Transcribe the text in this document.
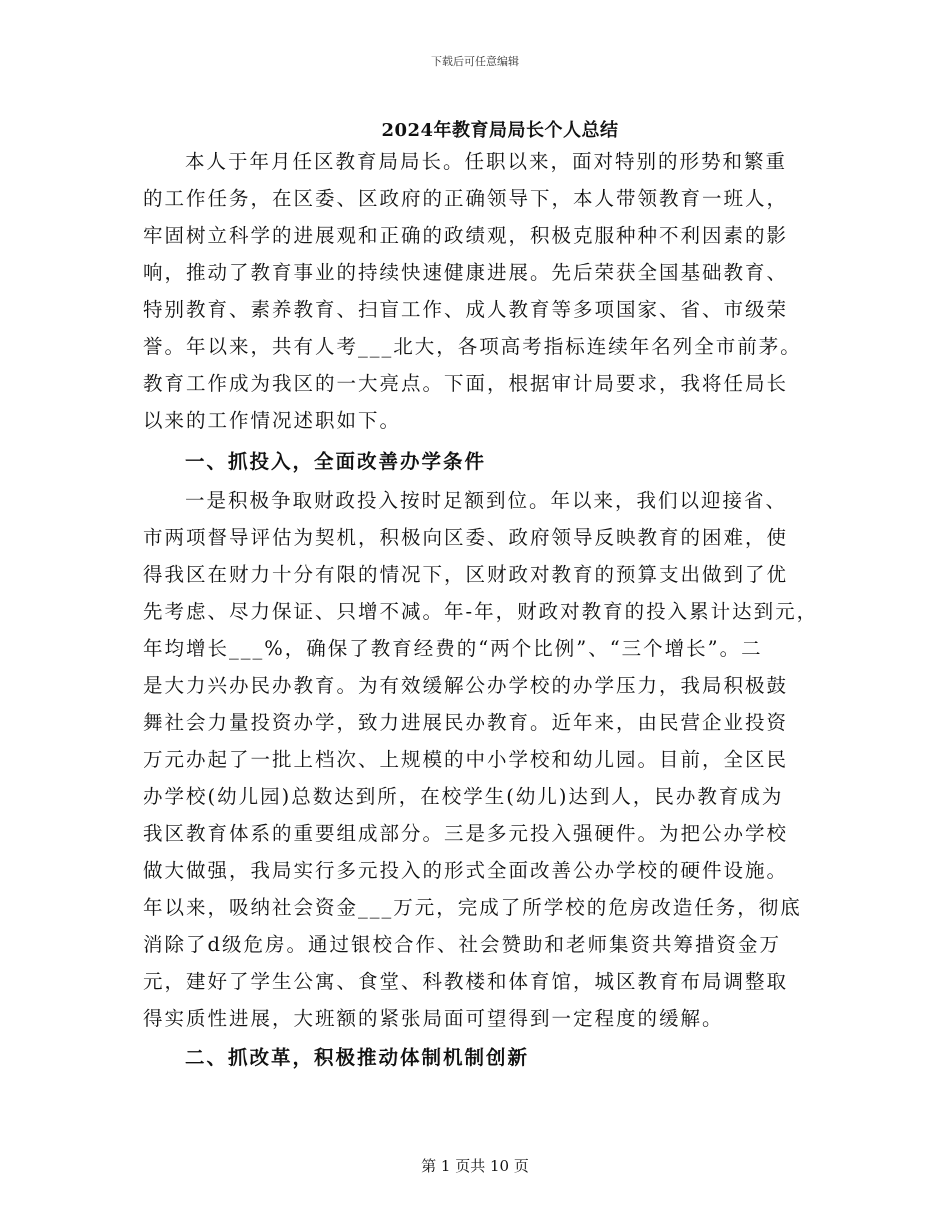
下载后可任意编辑
2024年教育局局长个人总结
本人于年月任区教育局局长。任职以来，面对特别的形势和繁重
的工作任务，在区委、区政府的正确领导下，本人带领教育一班人，
牢固树立科学的进展观和正确的政绩观，积极克服种种不利因素的影
响，推动了教育事业的持续快速健康进展。先后荣获全国基础教育、
特别教育、素养教育、扫盲工作、成人教育等多项国家、省、市级荣
誉。年以来，共有人考___北大，各项高考指标连续年名列全市前茅。
教育工作成为我区的一大亮点。下面，根据审计局要求，我将任局长
以来的工作情况述职如下。
一、抓投入，全面改善办学条件
一是积极争取财政投入按时足额到位。年以来，我们以迎接省、
市两项督导评估为契机，积极向区委、政府领导反映教育的困难，使
得我区在财力十分有限的情况下，区财政对教育的预算支出做到了优
先考虑、尽力保证、只增不减。年-年，财政对教育的投入累计达到元，
年均增长___%，确保了教育经费的“两个比例”、“三个增长”。二
是大力兴办民办教育。为有效缓解公办学校的办学压力，我局积极鼓
舞社会力量投资办学，致力进展民办教育。近年来，由民营企业投资
万元办起了一批上档次、上规模的中小学校和幼儿园。目前，全区民
办学校(幼儿园)总数达到所，在校学生(幼儿)达到人，民办教育成为
我区教育体系的重要组成部分。三是多元投入强硬件。为把公办学校
做大做强，我局实行多元投入的形式全面改善公办学校的硬件设施。
年以来，吸纳社会资金___万元，完成了所学校的危房改造任务，彻底
消除了d级危房。通过银校合作、社会赞助和老师集资共筹措资金万
元，建好了学生公寓、食堂、科教楼和体育馆，城区教育布局调整取
得实质性进展，大班额的紧张局面可望得到一定程度的缓解。
二、抓改革，积极推动体制机制创新
第 1 页共 10 页
